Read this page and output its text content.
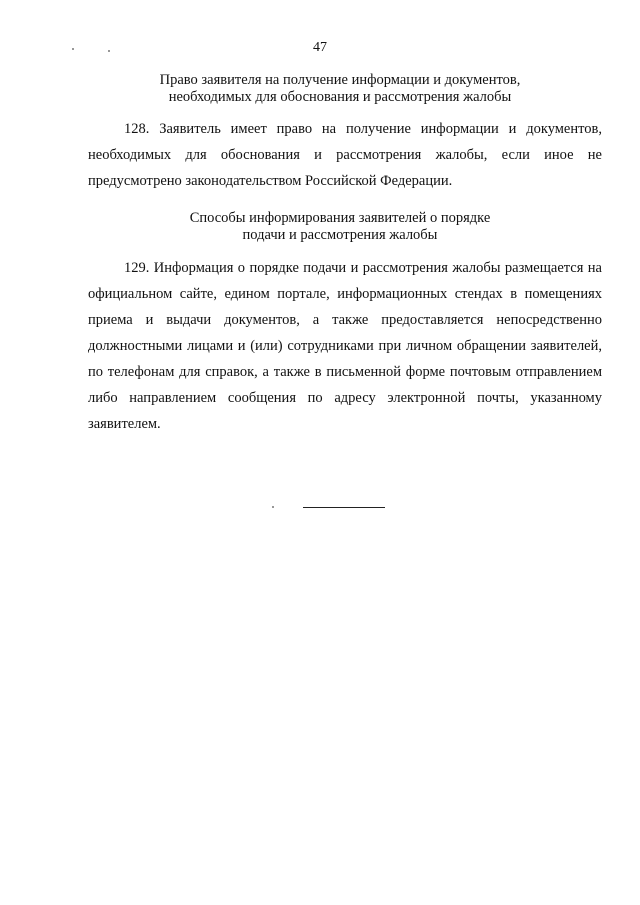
47
Право заявителя на получение информации и документов,
необходимых для обоснования и рассмотрения жалобы

128. Заявитель имеет право на получение информации и документов, необходимых для обоснования и рассмотрения жалобы, если иное не предусмотрено законодательством Российской Федерации.

Способы информирования заявителей о порядке
подачи и рассмотрения жалобы

129. Информация о порядке подачи и рассмотрения жалобы размещается на официальном сайте, едином портале, информационных стендах в помещениях приема и выдачи документов, а также предоставляется непосредственно должностными лицами и (или) сотрудниками при личном обращении заявителей, по телефонам для справок, а также в письменной форме почтовым отправлением либо направлением сообщения по адресу электронной почты, указанному заявителем.
